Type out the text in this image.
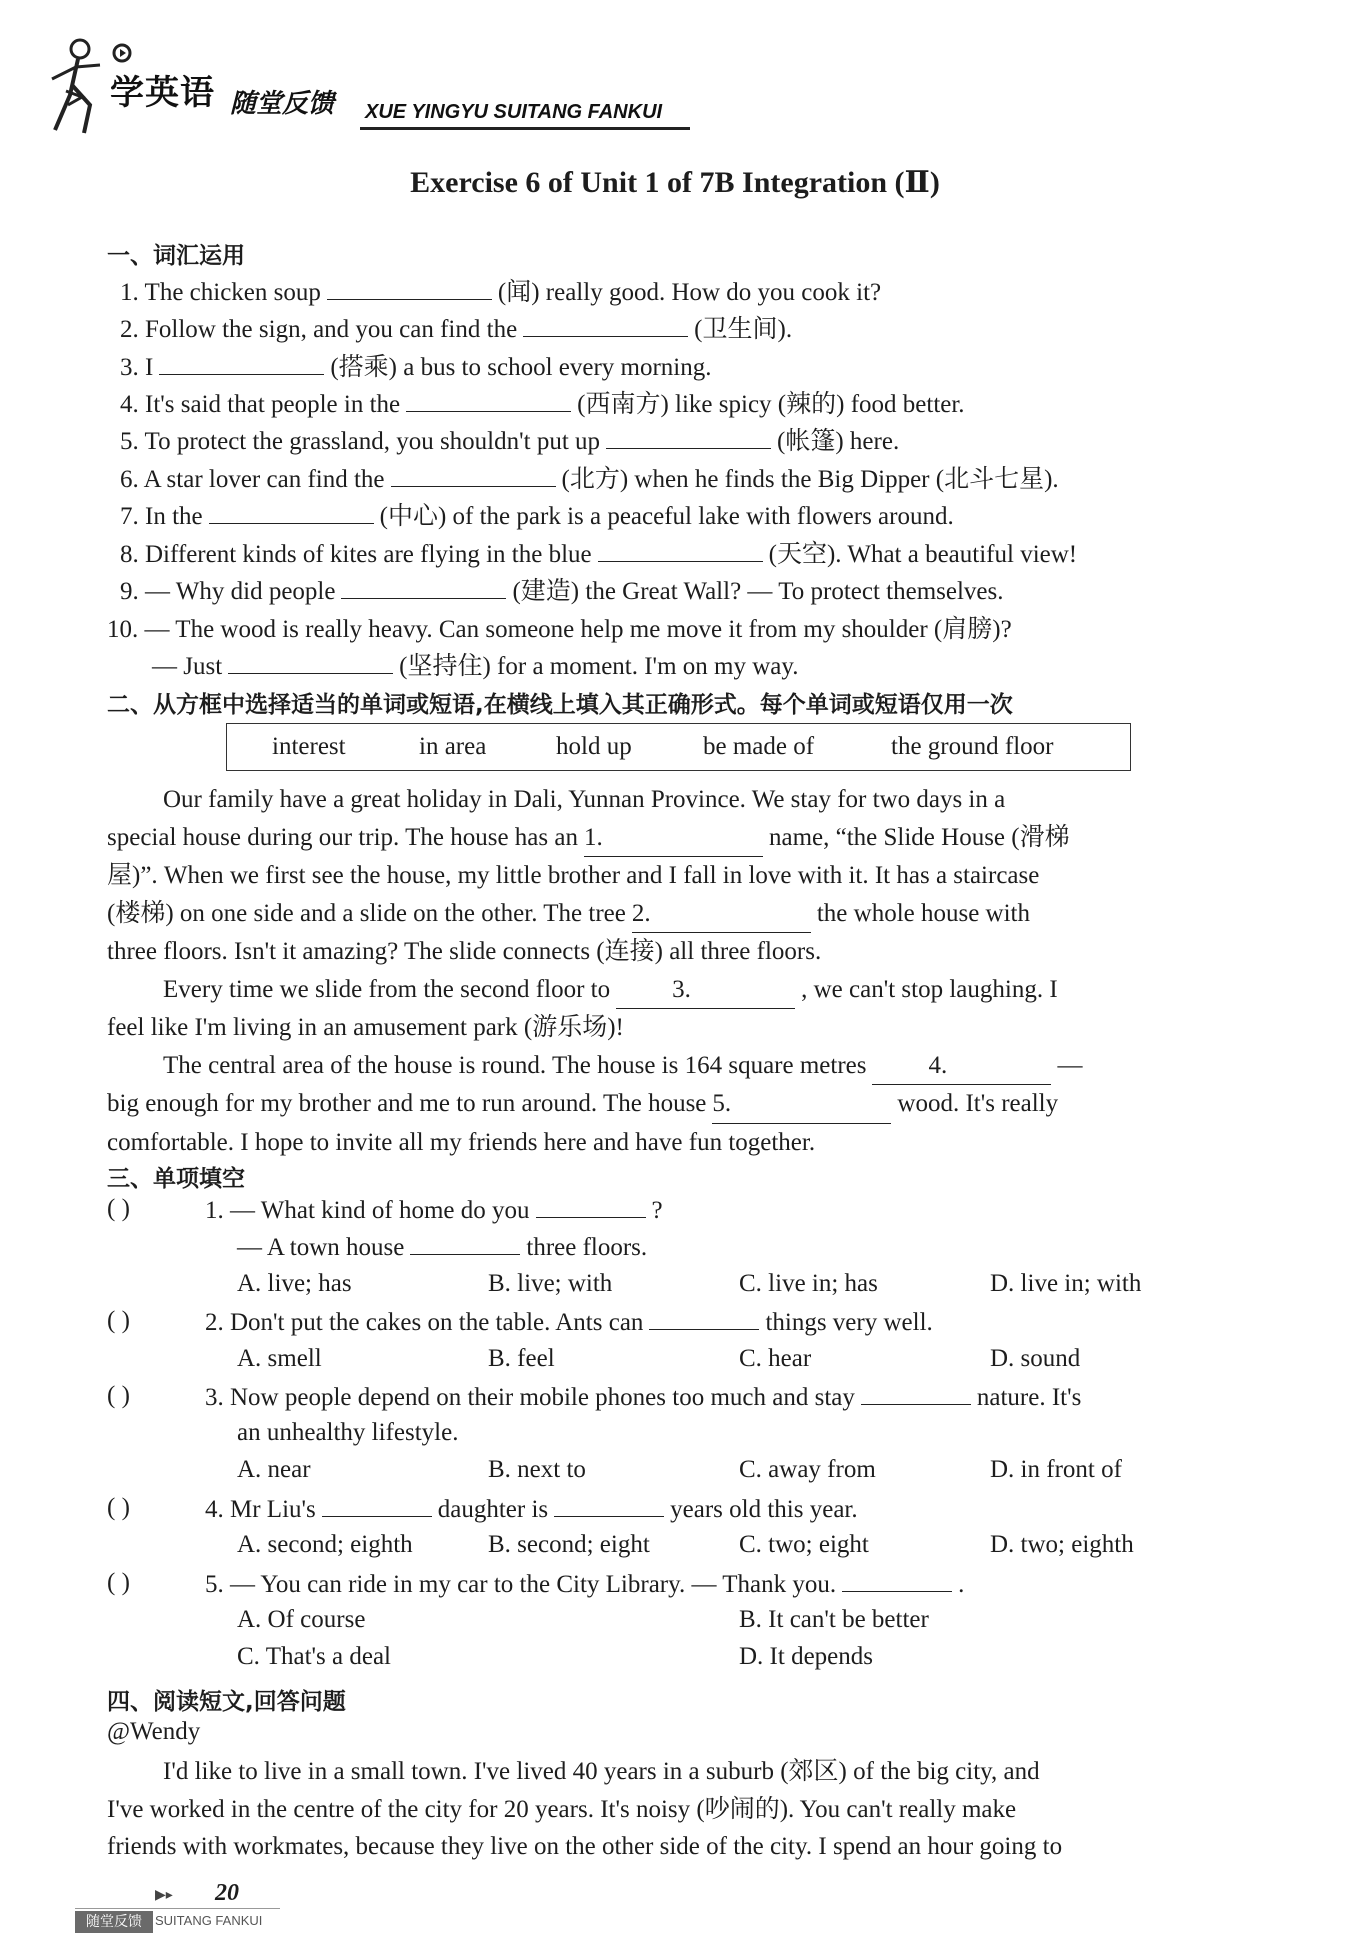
学英语 随堂反馈 XUE YINGYU SUITANG FANKUI
Exercise 6 of Unit 1 of 7B Integration (Ⅱ)
一、词汇运用
1. The chicken soup	(闻) really good. How do you cook it?
2. Follow the sign, and you can find the	(卫生间).
3. I	(搭乘) a bus to school every morning.
4. It's said that people in the	(西南方) like spicy (辣的) food better.
5. To protect the grassland, you shouldn't put up	(帐篷) here.
6. A star lover can find the	(北方) when he finds the Big Dipper (北斗七星).
7. In the	(中心) of the park is a peaceful lake with flowers around.
8. Different kinds of kites are flying in the blue	(天空). What a beautiful view!
9. — Why did people	(建造) the Great Wall? — To protect themselves.
10. — The wood is really heavy. Can someone help me move it from my shoulder (肩膀)?
— Just	(坚持住) for a moment. I'm on my way.
二、从方框中选择适当的单词或短语,在横线上填入其正确形式。每个单词或短语仅用一次
interest	in area	hold up	be made of	the ground floor

Our family have a great holiday in Dali, Yunnan Province. We stay for two days in a

special house during our trip. The house has an 1.	name, “the Slide House (滑梯

屋)”. When we first see the house, my little brother and I fall in love with it. It has a staircase

(楼梯) on one side and a slide on the other. The tree 2.	the whole house with

three floors. Isn't it amazing? The slide connects (连接) all three floors.

Every time we slide from the second floor to 3.	, we can't stop laughing. I

feel like I'm living in an amusement park (游乐场)!

The central area of the house is round. The house is 164 square metres 4.	—

big enough for my brother and me to run around. The house 5.	wood. It's really

comfortable. I hope to invite all my friends here and have fun together.

三、单项填空
( )	1. — What kind of home do you	?
— A town house	three floors.
A. live; has	B. live; with	C. live in; has	D. live in; with
( )	2. Don't put the cakes on the table. Ants can	things very well.
A. smell	B. feel	C. hear	D. sound
( )	3. Now people depend on their mobile phones too much and stay	nature. It's
an unhealthy lifestyle.
A. near	B. next to	C. away from	D. in front of
( )	4. Mr Liu's	daughter is	years old this year.
A. second; eighth	B. second; eight	C. two; eight	D. two; eighth
( )	5. — You can ride in my car to the City Library. — Thank you.	.
A. Of course	B. It can't be better
C. That's a deal	D. It depends
四、阅读短文,回答问题
@Wendy

I'd like to live in a small town. I've lived 40 years in a suburb (郊区) of the big city, and

I've worked in the centre of the city for 20 years. It's noisy (吵闹的). You can't really make

friends with workmates, because they live on the other side of the city. I spend an hour going to

▶▸ 20
随堂反馈	SUITANG FANKUI
